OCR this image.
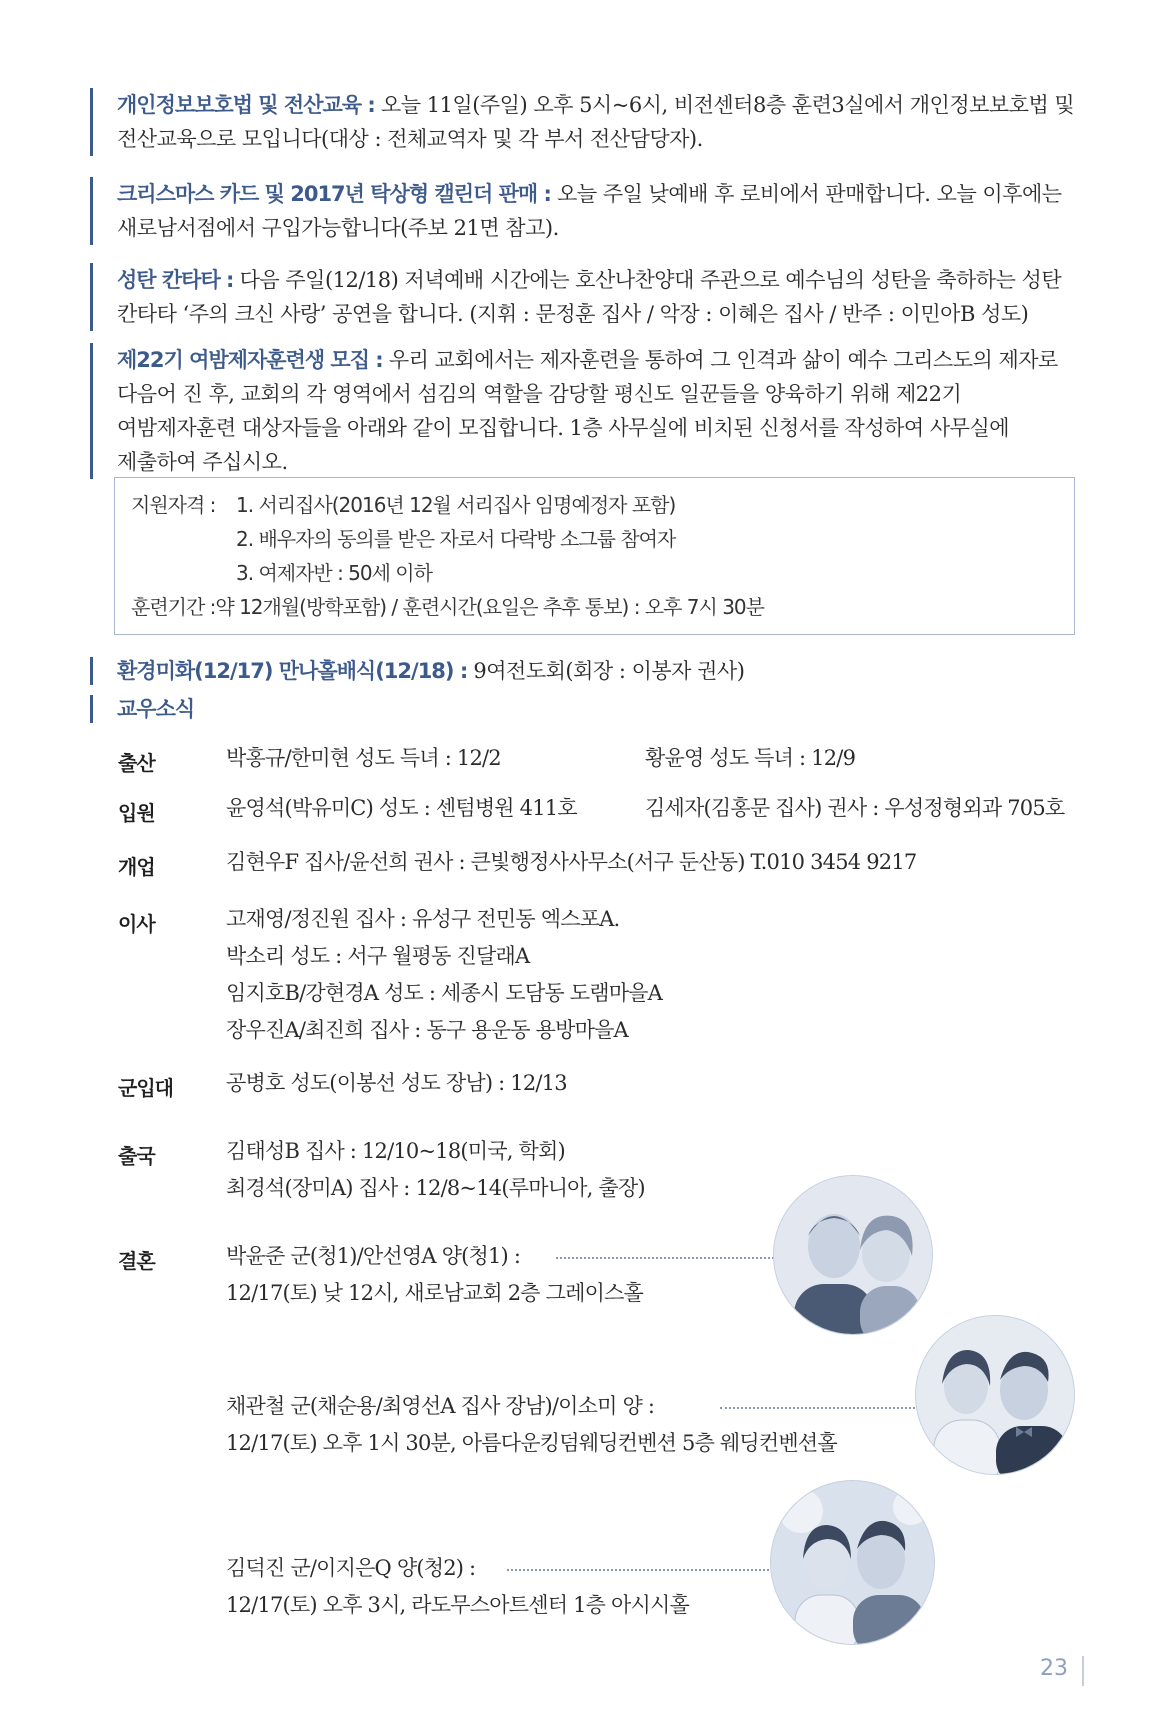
개인정보보호법 및 전산교육 : 오늘 11일(주일) 오후 5시~6시, 비전센터8층 훈련3실에서 개인정보보호법 및 전산교육으로 모입니다(대상 : 전체교역자 및 각 부서 전산담당자).
크리스마스 카드 및 2017년 탁상형 캘린더 판매 : 오늘 주일 낮예배 후 로비에서 판매합니다. 오늘 이후에는 새로남서점에서 구입가능합니다(주보 21면 참고).
성탄 칸타타 : 다음 주일(12/18) 저녁예배 시간에는 호산나찬양대 주관으로 예수님의 성탄을 축하하는 성탄 칸타타 ‘주의 크신 사랑’ 공연을 합니다. (지휘 : 문정훈 집사 / 악장 : 이혜은 집사 / 반주 : 이민아B 성도)
제22기 여밤제자훈련생 모집 : 우리 교회에서는 제자훈련을 통하여 그 인격과 삶이 예수 그리스도의 제자로 다음어 진 후, 교회의 각 영역에서 섬김의 역할을 감당할 평신도 일꾼들을 양육하기 위해 제22기 여밤제자훈련 대상자들을 아래와 같이 모집합니다. 1층 사무실에 비치된 신청서를 작성하여 사무실에 제출하여 주십시오.
지원자격 :	1. 서리집사(2016년 12월 서리집사 임명예정자 포함)
2. 배우자의 동의를 받은 자로서 다락방 소그룹 참여자
3. 여제자반 : 50세 이하
훈련기간 : 약 12개월(방학포함) / 훈련시간(요일은 추후 통보) : 오후 7시 30분
환경미화(12/17) 만나홀배식(12/18) : 9여전도회(회장 : 이봉자 권사)
교우소식
출산	박홍규/한미현 성도 득녀 : 12/2	황윤영 성도 득녀 : 12/9
입원	윤영석(박유미C) 성도 : 센텀병원 411호	김세자(김홍문 집사) 권사 : 우성정형외과 705호
개업	김현우F 집사/윤선희 권사 : 큰빛행정사사무소(서구 둔산동) T.010 3454 9217
이사	고재영/정진원 집사 : 유성구 전민동 엑스포A.
박소리 성도 : 서구 월평동 진달래A
임지호B/강현경A 성도 : 세종시 도담동 도램마을A
장우진A/최진희 집사 : 동구 용운동 용방마을A
군입대	공병호 성도(이봉선 성도 장남) : 12/13
출국	김태성B 집사 : 12/10~18(미국, 학회)
최경석(장미A) 집사 : 12/8~14(루마니아, 출장)
결혼	박윤준 군(청1)/안선영A 양(청1) :
12/17(토) 낮 12시, 새로남교회 2층 그레이스홀
채관철 군(채순용/최영선A 집사 장남)/이소미 양 :
12/17(토) 오후 1시 30분, 아름다운킹덤웨딩컨벤션 5층 웨딩컨벤션홀
김덕진 군/이지은Q 양(청2) :
12/17(토) 오후 3시, 라도무스아트센터 1층 아시시홀
23
